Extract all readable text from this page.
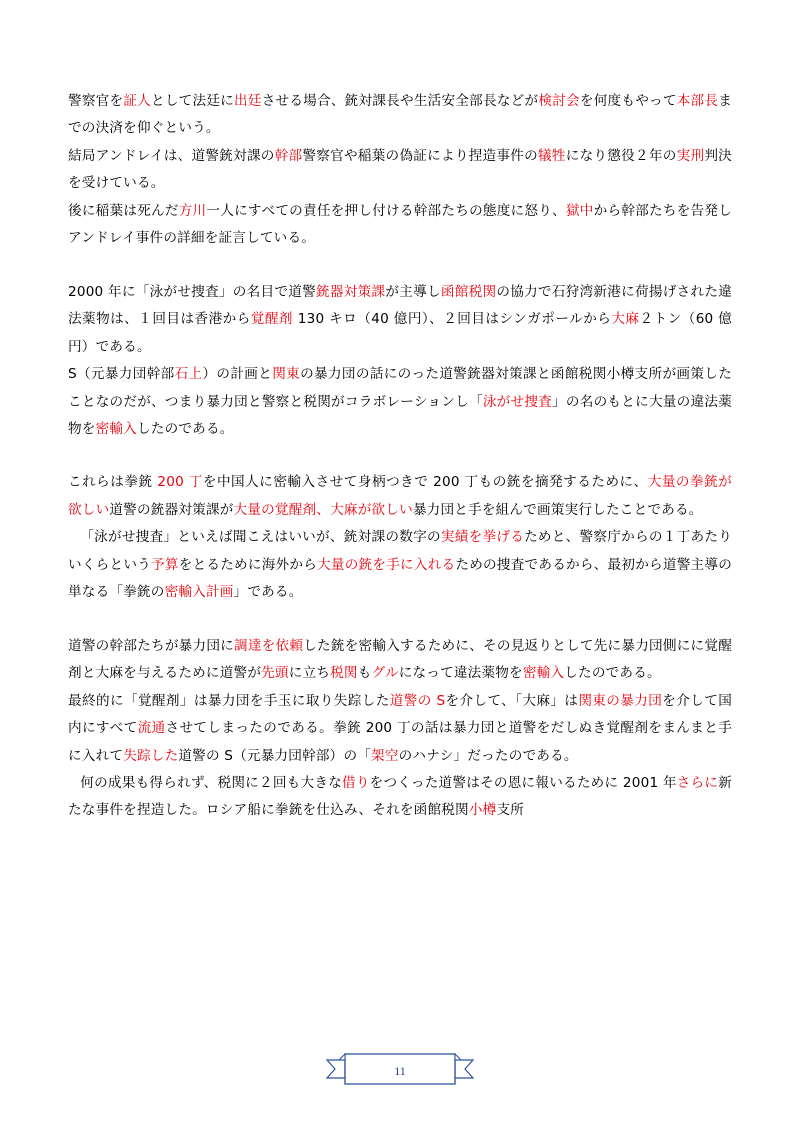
警察官を証人として法廷に出廷させる場合、銃対課長や生活安全部長などが検討会を何度もやって本部長までの決済を仰ぐという。

結局アンドレイは、道警銃対課の幹部警察官や稲葉の偽証により捏造事件の犠牲になり懲役２年の実刑判決を受けている。

後に稲葉は死んだ方川一人にすべての責任を押し付ける幹部たちの態度に怒り、獄中から幹部たちを告発しアンドレイ事件の詳細を証言している。

2000 年に「泳がせ捜査」の名目で道警銃器対策課が主導し函館税関の協力で石狩湾新港に荷揚げされた違法薬物は、１回目は香港から覚醒剤 130 キロ（40 億円）、２回目はシンガポールから大麻２トン（60 億円）である。

S（元暴力団幹部石上）の計画と関東の暴力団の話にのった道警銃器対策課と函館税関小樽支所が画策したことなのだが、つまり暴力団と警察と税関がコラボレーションし「泳がせ捜査」の名のもとに大量の違法薬物を密輸入したのである。

これらは拳銃 200 丁を中国人に密輸入させて身柄つきで 200 丁もの銃を摘発するために、大量の拳銃が欲しい道警の銃器対策課が大量の覚醒剤、大麻が欲しい暴力団と手を組んで画策実行したことである。

「泳がせ捜査」といえば聞こえはいいが、銃対課の数字の実績を挙げるためと、警察庁からの１丁あたりいくらという予算をとるために海外から大量の銃を手に入れるための捜査であるから、最初から道警主導の単なる「拳銃の密輸入計画」である。

道警の幹部たちが暴力団に調達を依頼した銃を密輸入するために、その見返りとして先に暴力団側にに覚醒剤と大麻を与えるために道警が先頭に立ち税関もグルになって違法薬物を密輸入したのである。

最終的に「覚醒剤」は暴力団を手玉に取り失踪した道警の Sを介して、「大麻」は関東の暴力団を介して国内にすべて流通させてしまったのである。拳銃 200 丁の話は暴力団と道警をだしぬき覚醒剤をまんまと手に入れて失踪した道警の S（元暴力団幹部）の「架空のハナシ」だったのである。

何の成果も得られず、税関に２回も大きな借りをつくった道警はその恩に報いるために 2001 年さらに新たな事件を捏造した。ロシア船に拳銃を仕込み、それを函館税関小樽支所

11
